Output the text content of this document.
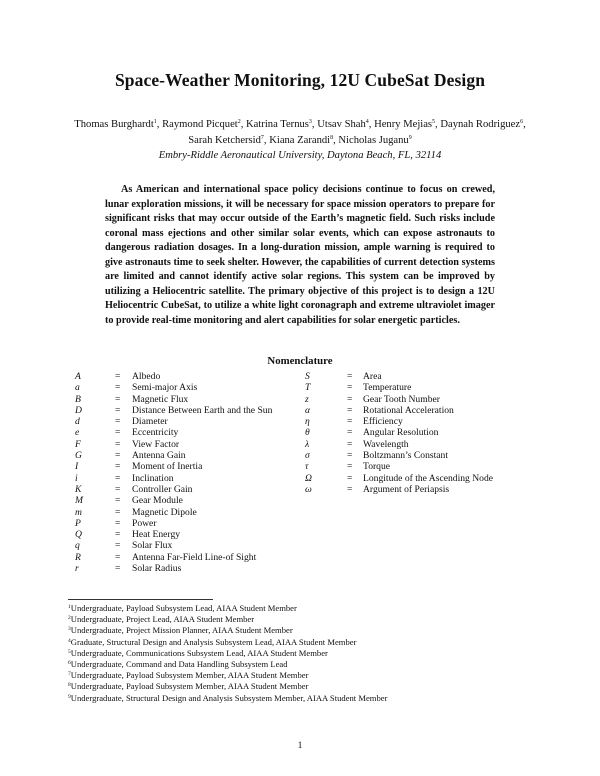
Space-Weather Monitoring, 12U CubeSat Design
Thomas Burghardt$^1$, Raymond Picquet$^2$, Katrina Ternus$^3$, Utsav Shah$^4$, Henry Mejias$^5$, Daynah Rodriguez$^6$, Sarah Ketchersid$^7$, Kiana Zarandi$^8$, Nicholas Juganu$^9$
Embry-Riddle Aeronautical University, Daytona Beach, FL, 32114
As American and international space policy decisions continue to focus on crewed, lunar exploration missions, it will be necessary for space mission operators to prepare for significant risks that may occur outside of the Earth’s magnetic field. Such risks include coronal mass ejections and other similar solar events, which can expose astronauts to dangerous radiation dosages. In a long-duration mission, ample warning is required to give astronauts time to seek shelter. However, the capabilities of current detection systems are limited and cannot identify active solar regions. This system can be improved by utilizing a Heliocentric satellite. The primary objective of this project is to design a 12U Heliocentric CubeSat, to utilize a white light coronagraph and extreme ultraviolet imager to provide real-time monitoring and alert capabilities for solar energetic particles.
Nomenclature
A	= Albedo
a	= Semi-major Axis
B	= Magnetic Flux
D	= Distance Between Earth and the Sun
d	= Diameter
e	= Eccentricity
F	= View Factor
G	= Antenna Gain
I	= Moment of Inertia
i	= Inclination
K	= Controller Gain
M	= Gear Module
m	= Magnetic Dipole
P	= Power
Q	= Heat Energy
q	= Solar Flux
R	= Antenna Far-Field Line-of Sight
r	= Solar Radius
S	= Area
T	= Temperature
z	= Gear Tooth Number
α	= Rotational Acceleration
η	= Efficiency
θ	= Angular Resolution
λ	= Wavelength
σ	= Boltzmann’s Constant
τ	= Torque
Ω	= Longitude of the Ascending Node
ω	= Argument of Periapsis
$^1$Undergraduate, Payload Subsystem Lead, AIAA Student Member
$^2$Undergraduate, Project Lead, AIAA Student Member
$^3$Undergraduate, Project Mission Planner, AIAA Student Member
$^4$Graduate, Structural Design and Analysis Subsystem Lead, AIAA Student Member
$^5$Undergraduate, Communications Subsystem Lead, AIAA Student Member
$^6$Undergraduate, Command and Data Handling Subsystem Lead
$^7$Undergraduate, Payload Subsystem Member, AIAA Student Member
$^8$Undergraduate, Payload Subsystem Member, AIAA Student Member
$^9$Undergraduate, Structural Design and Analysis Subsystem Member, AIAA Student Member
1
